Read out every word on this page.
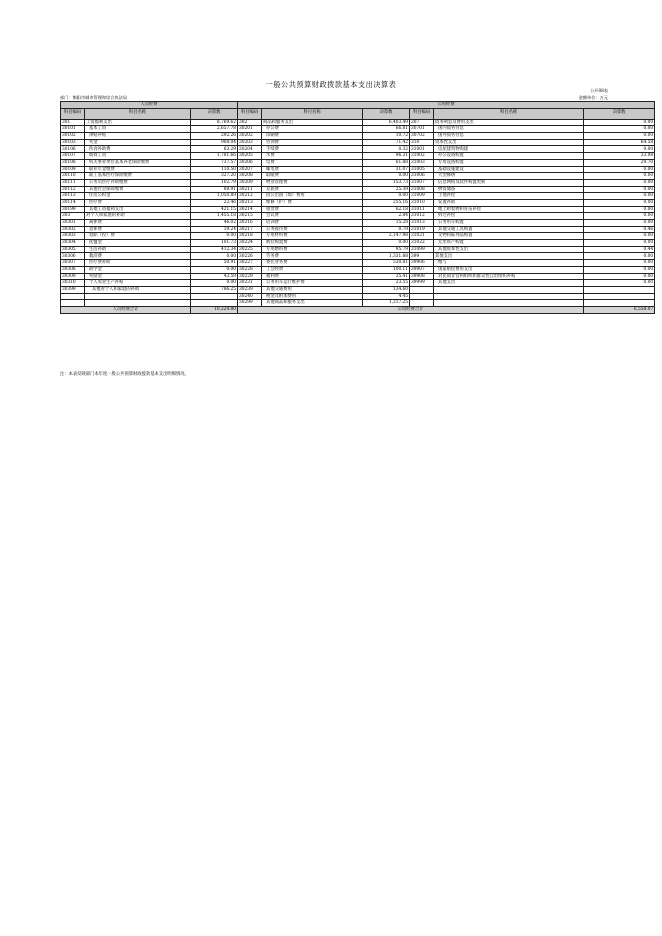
一般公共预算财政拨款基本支出决算表
公开08表
部门：衡阳市城市管理和综合执法局	金额单位：万元
人员经费			公用经费					
科目编码	科目名称	决算数	科目编码	科目名称	决算数	科目编码	科目名称	决算数
301	工资福利支出	8,769.62	302	商品和服务支出	6,403.49	307	债务利息及费用支出	0.00
30101	基本工资	2,657.78	30201	办公费	66.81	30701	国内债务付息	0.00
30102	津贴补贴	292.26	30202	印刷费	10.72	30702	国外债务付息	0.00
30103	奖金	908.04	30203	咨询费	71.42	310	资本性支出	64.58
30106	伙食补助费	63.29	30204	手续费	0.32	31001	房屋建筑物购建	0.00
30107	绩效工资	1,781.66	30205	水费	96.31	31002	办公设备购置	33.98
30108	机关事业单位基本养老保险缴费	737.57	30206	电费	61.88	31003	专用设备购置	29.70
30109	职业年金缴费	110.50	30207	邮电费	31.07	31005	基础设施建设	0.00
30110	职工基本医疗保险缴费	327.20	30208	取暖费	0.00	31006	大型修缮	0.00
30111	公务员医疗补助缴费	102.79	30209	物业管理费	153.73	31007	信息网络及软件购置更新	0.00
30112	其他社会保障缴费	89.91	30211	差旅费	25.39	31008	物资储备	0.00
30113	住房公积金	1,050.89	30212	因公出国（境）费用	0.00	31009	土地补偿	0.00
30114	医疗费	22.46	30213	维修（护）费	255.16	31010	安置补助	0.00
30199	其他工资福利支出	421.15	30214	租赁费	62.18	31011	地上附着物和青苗补偿	0.00
303	对个人和家庭的补助	1,455.18	30215	会议费	2.84	31012	拆迁补偿	0.00
30301	离休费	46.02	30216	培训费	15.28	31013	公务用车购置	0.00
30302	退休费	19.24	30217	公务接待费	0.79	31019	其他交通工具购置	0.46
30303	退职（役）费	0.00	30218	专用材料费	2,147.98	31021	文物和陈列品购置	0.00
30304	抚恤金	101.73	30224	被装购置费	0.00	31022	无形资产购置	0.00
30305	生活补助	412.34	30225	专用燃料费	95.79	31099	其他资本性支出	0.44
30306	救济费	0.00	30226	劳务费	1,331.88	399	其他支出	0.00
30307	医疗费补助	50.91	30227	委托业务费	530.81	39906	赠与	0.00
30308	助学金	0.00	30228	工会经费	100.11	39907	国家赔偿费用支出	0.00
30309	奖励金	43.59	30229	福利费	35.41	39908	对民间非营利组织和群众性自治组织补贴	0.00
30310	个人农业生产补贴	0.00	30231	公务用车运行维护费	23.55	39999	其他支出	0.00
30399	其他对个人和家庭的补助	786.25	30239	其他交通费用	134.60			
			30240	税金及附加费用	4.45			
			30299	其他商品和服务支出	1,217.25			
人员经费合计		10,224.80	公用经费合计					6,558.07
注：本表反映部门本年度一般公共预算财政拨款基本支出明细情况。
